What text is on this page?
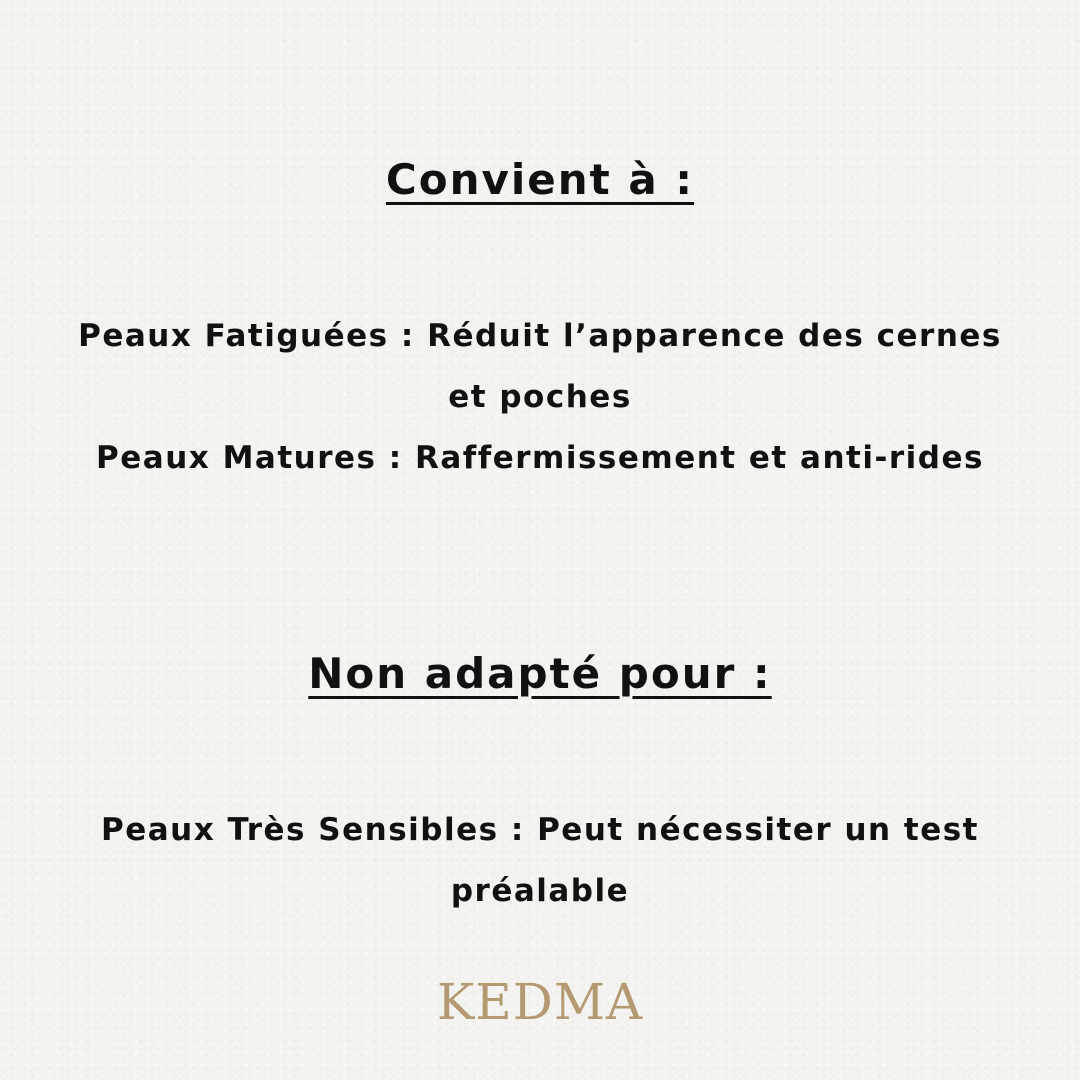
Convient à :
Peaux Fatiguées : Réduit l’apparence des cernes
et poches
Peaux Matures : Raffermissement et anti-rides
Non adapté pour :
Peaux Très Sensibles : Peut nécessiter un test
préalable
KEDMA
